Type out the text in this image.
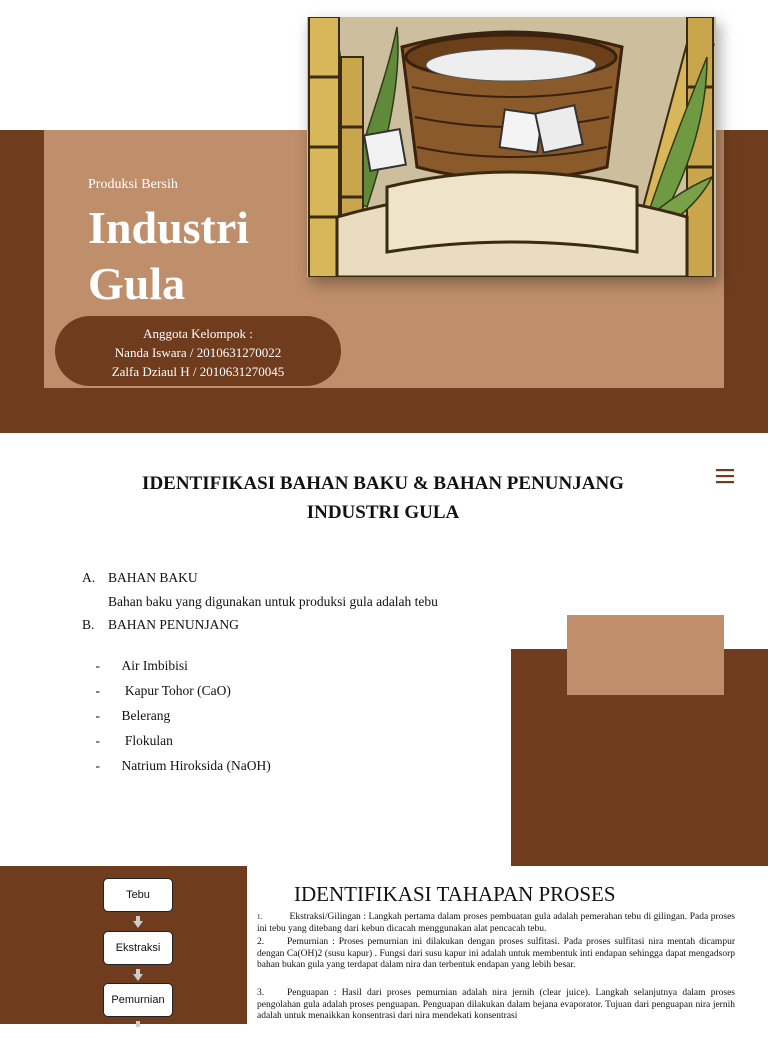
Produksi Bersih
Industri
Gula
Anggota Kelompok :
Nanda Iswara / 2010631270022
Zalfa Dziaul H / 2010631270045
IDENTIFIKASI BAHAN BAKU & BAHAN PENUNJANG
INDUSTRI GULA
A. BAHAN BAKU
Bahan baku yang digunakan untuk produksi gula adalah tebu
B. BAHAN PENUNJANG

- Air Imbibisi

- Kapur Tohor (CaO)

- Belerang

- Flokulan

- Natrium Hiroksida (NaOH)

Tebu
Ekstraksi
Pemurnian
IDENTIFIKASI TAHAPAN PROSES
1.	Ekstraksi/Gilingan : Langkah pertama dalam proses pembuatan gula adalah pemerahan tebu di gilingan. Pada proses ini tebu yang ditebang dari kebun dicacah menggunakan alat pencacah tebu.
2. Pemurnian : Proses pemurnian ini dilakukan dengan proses sulfitasi. Pada proses sulfitasi nira mentah dicampur dengan Ca(OH)2 (susu kapur) . Fungsi dari susu kapur ini adalah untuk membentuk inti endapan sehingga dapat mengadsorp bahan bukan gula yang terdapat dalam nira dan terbentuk endapan yang lebih besar.
3. Penguapan : Hasil dari proses pemurnian adalah nira jernih (clear juice). Langkah selanjutnya dalam proses pengolahan gula adalah proses penguapan. Penguapan dilakukan dalam bejana evaporator. Tujuan dari penguapan nira jernih adalah untuk menaikkan konsentrasi dari nira mendekati konsentrasi
